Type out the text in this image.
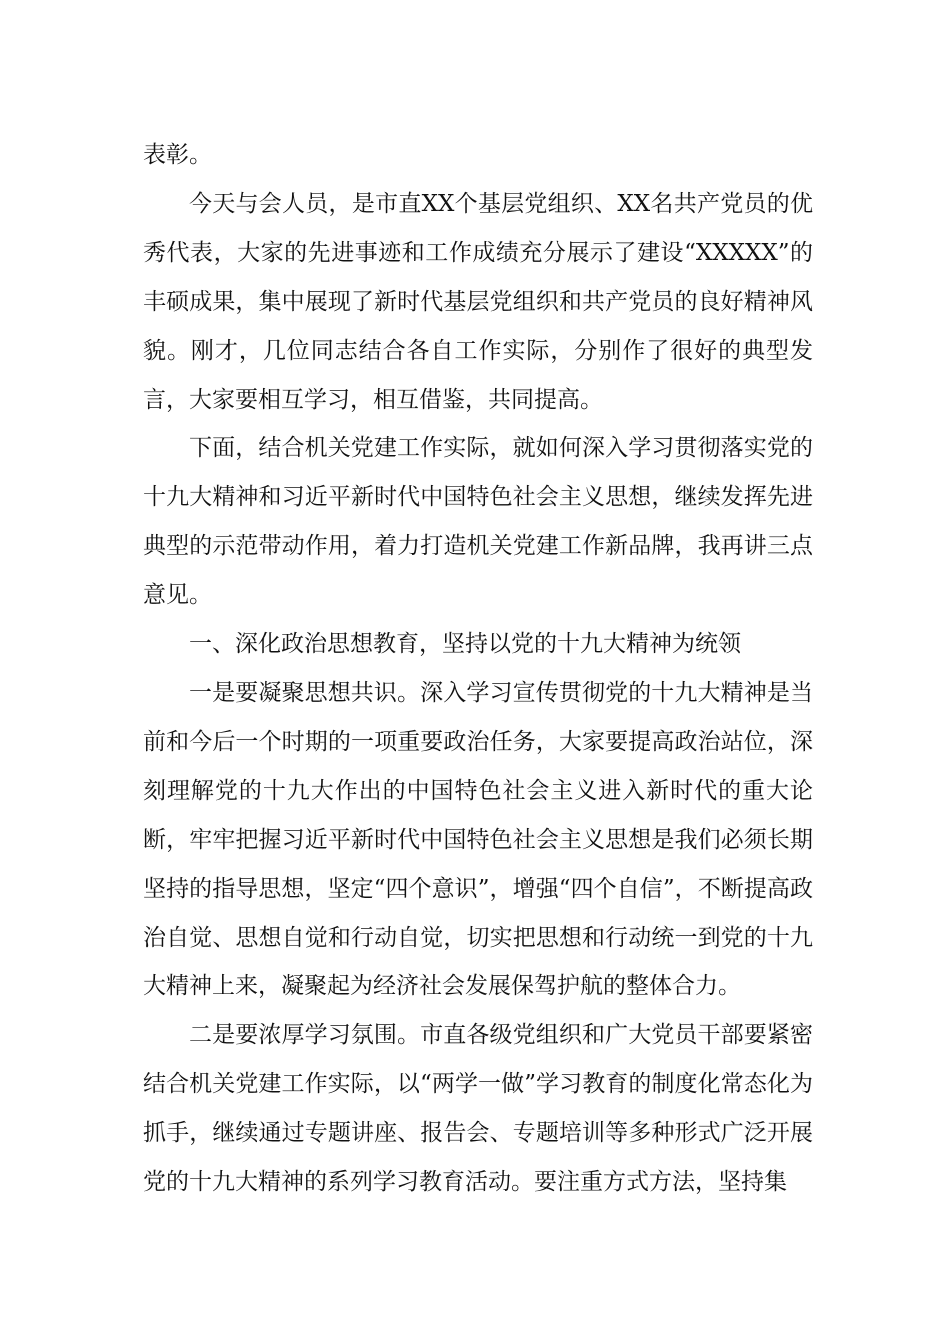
表彰。

今天与会人员，是市直XX个基层党组织、XX名共产党员的优秀代表，大家的先进事迹和工作成绩充分展示了建设“XXXXX”的丰硕成果，集中展现了新时代基层党组织和共产党员的良好精神风貌。刚才，几位同志结合各自工作实际，分别作了很好的典型发言，大家要相互学习，相互借鉴，共同提高。

下面，结合机关党建工作实际，就如何深入学习贯彻落实党的十九大精神和习近平新时代中国特色社会主义思想，继续发挥先进典型的示范带动作用，着力打造机关党建工作新品牌，我再讲三点意见。

一、深化政治思想教育，坚持以党的十九大精神为统领

一是要凝聚思想共识。深入学习宣传贯彻党的十九大精神是当前和今后一个时期的一项重要政治任务，大家要提高政治站位，深刻理解党的十九大作出的中国特色社会主义进入新时代的重大论断，牢牢把握习近平新时代中国特色社会主义思想是我们必须长期坚持的指导思想，坚定“四个意识”，增强“四个自信”，不断提高政治自觉、思想自觉和行动自觉，切实把思想和行动统一到党的十九大精神上来，凝聚起为经济社会发展保驾护航的整体合力。

二是要浓厚学习氛围。市直各级党组织和广大党员干部要紧密结合机关党建工作实际，以“两学一做”学习教育的制度化常态化为抓手，继续通过专题讲座、报告会、专题培训等多种形式广泛开展党的十九大精神的系列学习教育活动。要注重方式方法，坚持集
